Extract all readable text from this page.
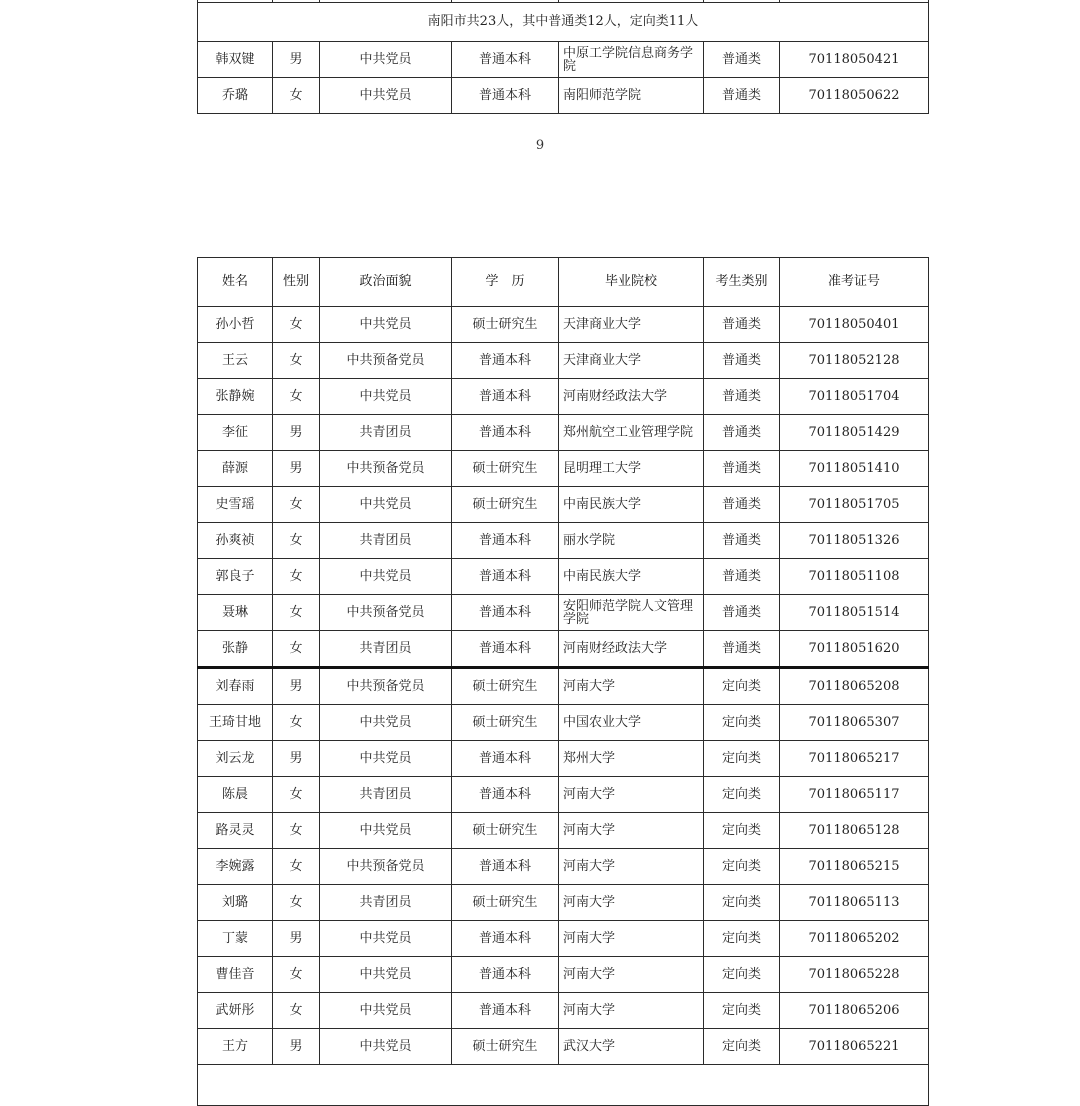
南阳市共23人，其中普通类12人，定向类11人						
韩双键	男	中共党员	普通本科	中原工学院信息商务学院	普通类	70118050421
乔璐	女	中共党员	普通本科	南阳师范学院	普通类	70118050622
9
姓名	性别	政治面貌	学　历	毕业院校	考生类别	准考证号
孙小哲	女	中共党员	硕士研究生	天津商业大学	普通类	70118050401
王云	女	中共预备党员	普通本科	天津商业大学	普通类	70118052128
张静婉	女	中共党员	普通本科	河南财经政法大学	普通类	70118051704
李征	男	共青团员	普通本科	郑州航空工业管理学院	普通类	70118051429
薛源	男	中共预备党员	硕士研究生	昆明理工大学	普通类	70118051410
史雪瑶	女	中共党员	硕士研究生	中南民族大学	普通类	70118051705
孙爽祯	女	共青团员	普通本科	丽水学院	普通类	70118051326
郭良子	女	中共党员	普通本科	中南民族大学	普通类	70118051108
聂琳	女	中共预备党员	普通本科	安阳师范学院人文管理学院	普通类	70118051514
张静	女	共青团员	普通本科	河南财经政法大学	普通类	70118051620
刘春雨	男	中共预备党员	硕士研究生	河南大学	定向类	70118065208
王琦甘地	女	中共党员	硕士研究生	中国农业大学	定向类	70118065307
刘云龙	男	中共党员	普通本科	郑州大学	定向类	70118065217
陈晨	女	共青团员	普通本科	河南大学	定向类	70118065117
路灵灵	女	中共党员	硕士研究生	河南大学	定向类	70118065128
李婉露	女	中共预备党员	普通本科	河南大学	定向类	70118065215
刘璐	女	共青团员	硕士研究生	河南大学	定向类	70118065113
丁蒙	男	中共党员	普通本科	河南大学	定向类	70118065202
曹佳音	女	中共党员	普通本科	河南大学	定向类	70118065228
武妍彤	女	中共党员	普通本科	河南大学	定向类	70118065206
王方	男	中共党员	硕士研究生	武汉大学	定向类	70118065221
